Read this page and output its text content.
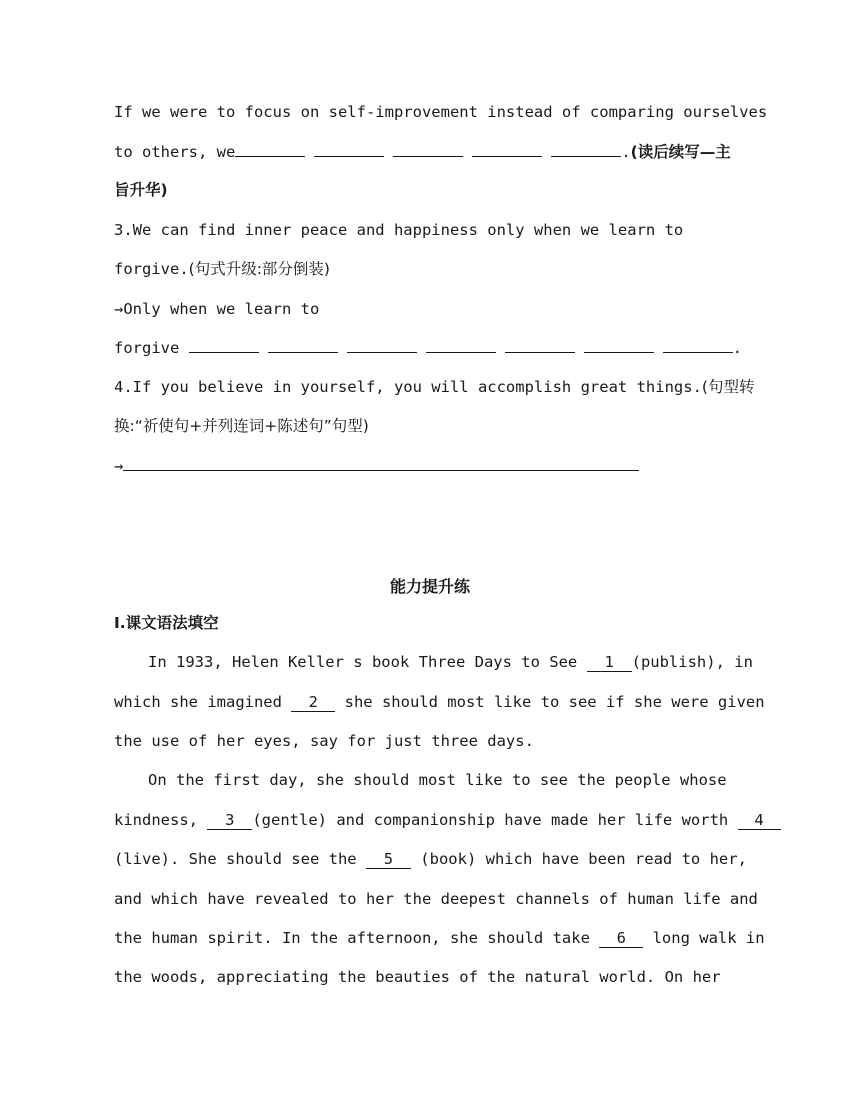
If we were to focus on self-improvement instead of comparing ourselves
to others, we	.(读后续写—主
旨升华)
3.We can find inner peace and happiness only when we learn to
forgive.(句式升级:部分倒装)
→Only when we learn to
forgive	.
4.If you believe in yourself, you will accomplish great things.(句型转
换:“祈使句+并列连词+陈述句”句型)
→
能力提升练
Ⅰ.课文语法填空
In 1933, Helen Keller s book Three Days to See 1 (publish), in
which she imagined 2 she should most like to see if she were given
the use of her eyes, say for just three days.
On the first day, she should most like to see the people whose
kindness, 3 (gentle) and companionship have made her life worth 4
(live). She should see the 5 (book) which have been read to her,
and which have revealed to her the deepest channels of human life and
the human spirit. In the afternoon, she should take 6 long walk in
the woods, appreciating the beauties of the natural world. On her
